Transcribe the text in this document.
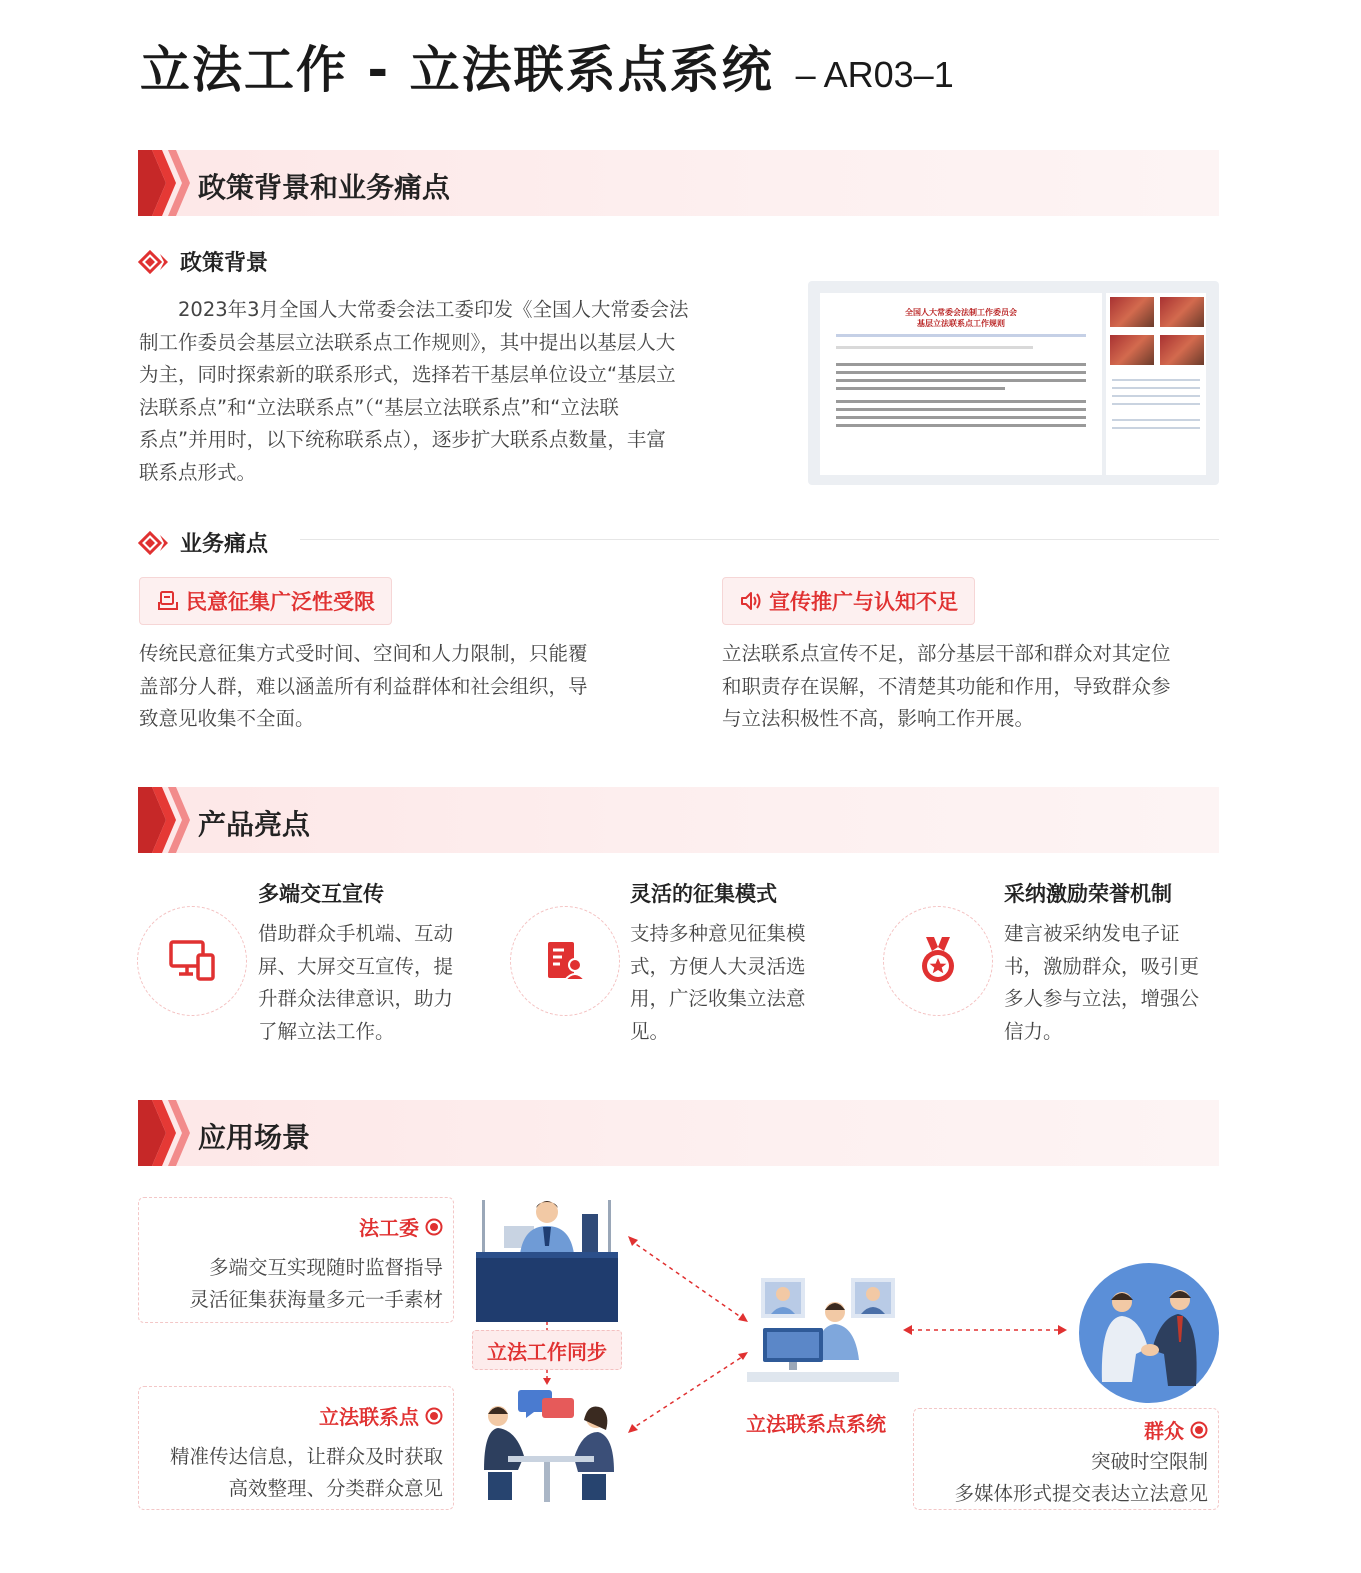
立法工作 - 立法联系点系统 – AR03–1
政策背景和业务痛点
政策背景
　　2023年3月全国人大常委会法工委印发《全国人大常委会法
制工作委员会基层立法联系点工作规则》，其中提出以基层人大
为主，同时探索新的联系形式，选择若干基层单位设立“基层立
法联系点”和“立法联系点”（“基层立法联系点”和“立法联
系点”并用时，以下统称联系点），逐步扩大联系点数量，丰富
联系点形式。
全国人大常委会法制工作委员会
基层立法联系点工作规则

业务痛点
民意征集广泛性受限
传统民意征集方式受时间、空间和人力限制，只能覆
盖部分人群，难以涵盖所有利益群体和社会组织，导
致意见收集不全面。
宣传推广与认知不足
立法联系点宣传不足，部分基层干部和群众对其定位
和职责存在误解，不清楚其功能和作用，导致群众参
与立法积极性不高，影响工作开展。
产品亮点
多端交互宣传
借助群众手机端、互动
屏、大屏交互宣传，提
升群众法律意识，助力
了解立法工作。
灵活的征集模式
支持多种意见征集模
式，方便人大灵活选
用，广泛收集立法意
见。
采纳激励荣誉机制
建言被采纳发电子证
书，激励群众，吸引更
多人参与立法，增强公
信力。
应用场景
法工委
多端交互实现随时监督指导
灵活征集获海量多元一手素材
立法联系点
精准传达信息，让群众及时获取
高效整理、分类群众意见
群众
突破时空限制
多媒体形式提交表达立法意见
立法工作同步
立法联系点系统
